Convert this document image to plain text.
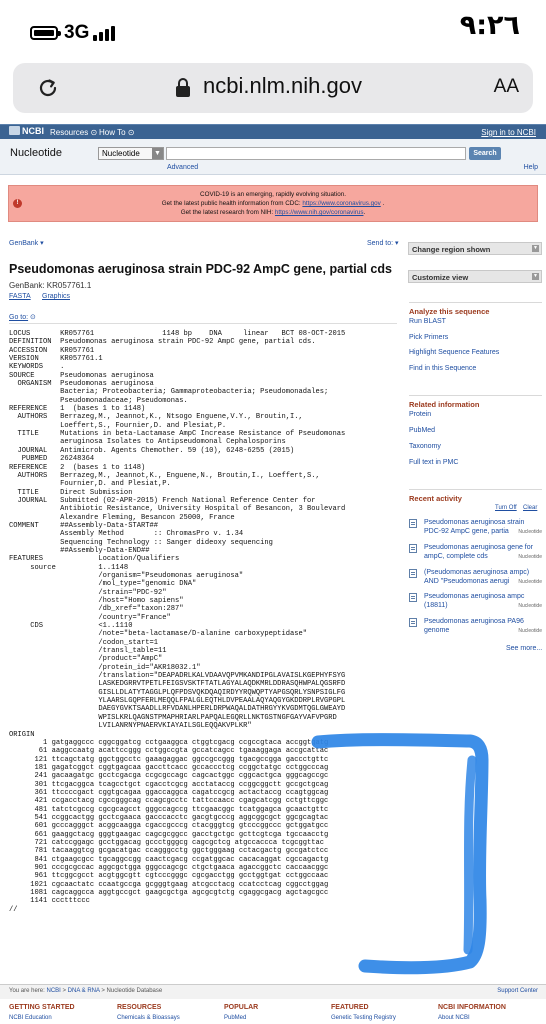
3G	٩:٢٦
ncbi.nlm.nih.gov	AA
NCBI Resources ⊙ How To ⊙	Sign in to NCBI
Nucleotide	Nucleotide ▼	Search
Advanced	Help
!
COVID-19 is an emerging, rapidly evolving situation.
Get the latest public health information from CDC: https://www.coronavirus.gov .
Get the latest research from NIH: https://www.nih.gov/coronavirus.
GenBank ▾	Send to: ▾
Pseudomonas aeruginosa strain PDC-92 AmpC gene, partial cds
GenBank: KR057761.1
FASTA Graphics
Go to: ⊙
LOCUS       KR057761                1148 bp    DNA     linear   BCT 08-OCT-2015
DEFINITION  Pseudomonas aeruginosa strain PDC-92 AmpC gene, partial cds.
ACCESSION   KR057761
VERSION     KR057761.1
KEYWORDS    .
SOURCE      Pseudomonas aeruginosa
ORGANISM  Pseudomonas aeruginosa
Bacteria; Proteobacteria; Gammaproteobacteria; Pseudomonadales;
Pseudomonadaceae; Pseudomonas.
REFERENCE   1  (bases 1 to 1148)
AUTHORS   Berrazeg,M., Jeannot,K., Ntsogo Enguene,V.Y., Broutin,I.,
Loeffert,S., Fournier,D. and Plesiat,P.
TITLE     Mutations in beta-Lactamase AmpC Increase Resistance of Pseudomonas
aeruginosa Isolates to Antipseudomonal Cephalosporins
JOURNAL   Antimicrob. Agents Chemother. 59 (10), 6248-6255 (2015)
PUBMED   26248364
REFERENCE   2  (bases 1 to 1148)
AUTHORS   Berrazeg,M., Jeannot,K., Enguene,N., Broutin,I., Loeffert,S.,
Fournier,D. and Plesiat,P.
TITLE     Direct Submission
JOURNAL   Submitted (02-APR-2015) French National Reference Center for
Antibiotic Resistance, University Hospital of Besancon, 3 Boulevard
Alexandre Fleming, Besancon 25000, France
COMMENT     ##Assembly-Data-START##
Assembly Method       :: ChromasPro v. 1.34
Sequencing Technology :: Sanger dideoxy sequencing
##Assembly-Data-END##
FEATURES             Location/Qualifiers
source          1..1148
/organism="Pseudomonas aeruginosa"
/mol_type="genomic DNA"
/strain="PDC-92"
/host="Homo sapiens"
/db_xref="taxon:287"
/country="France"
CDS             <1..1110
/note="beta-lactamase/D-alanine carboxypeptidase"
/codon_start=1
/transl_table=11
/product="AmpC"
/protein_id="AKR18032.1"
/translation="DEAPADRLKALVDAAVQPVMKANDIPGLAVAISLKGEPHYFSYG
LASKEDGRRVTPETLFEIGSVSKTFTATLAGYALAQDKMRLDDRASQHWPALQGSRFD
GISLLDLATYTAGGLPLQFPDSVQKDQAQIRDYYRQWQPTYAPGSQRLYSNPSIGLFG
YLAARSLGQPFERLMEQQLFPALGLEQTHLDVPEAALAQYAQGYGKDDRPLRVGPGPL
DAEGYGVKTSAADLLRFVDANLHPERLDRPWAQALDATHRGYYKVGDMTQGLGWEAYD
WPISLKRLQAGNSTPMAPHRIARLPAPQALEGQRLLNKTGSTNGFGAYVAFVPGRD
LVILANRNYPNAERVKIAYAILSGLEQQAKVPLKR"
ORIGIN
1 gatgaggccc cggcggatcg cctgaaggca ctggtcgacg ccgccgtaca accggtgatg
61 aaggccaatg acattccggg cctggccgta gccatcagcc tgaaaggaga accgcattac
121 ttcagctatg ggctggcctc gaaagaggac ggccgccggg tgacgccgga gaccctgttc
181 gagatcggct cggtgagcaa gaccttcacc gccaccctcg ccggctatgc cctggcccag
241 gacaagatgc gcctcgacga ccgcgccagc cagcactggc cggcactgca gggcagccgc
301 ttcgacggca tcagcctgct cgacctcgcg acctataccg ccggcggctt gccgctgcag
361 ttccccgact cggtgcagaa ggaccaggca cagatccgcg actactaccg ccagtggcag
421 ccgacctacg cgccgggcag ccagcgcctc tattccaacc cgagcatcgg cctgttcggc
481 tatctcgccg cgcgcagcct gggccagccg ttcgaacggc tcatggagca gcaactgttc
541 ccggcactgg gcctcgaaca gacccacctc gacgtgcccg aggcggcgct ggcgcagtac
601 gcccagggct acggcaagga cgaccgcccg ctacgggtcg gtcccggccc gctggatgcc
661 gaaggctacg gggtgaagac cagcgcggcc gacctgctgc gcttcgtcga tgccaacctg
721 catccggagc gcctggacag gccctgggcg cagcgctcg atgccaccca tcgcggttac
781 tacaaggtcg gcgacatgac ccagggcctg ggctgggaag cctacgactg gccgatctcc
841 ctgaagcgcc tgcaggccgg caactcgacg ccgatggcac cacacaggat cgccagactg
901 cccgcgccac aggcgctgga gggccagcgc ctgctgaaca agaccggctc caccaacggc
961 ttcggcgcct acgtggcgtt cgtcccgggc cgcgacctgg gcctggtgat cctggccaac
1021 cgcaactatc ccaatgccga gcgggtgaag atcgcctacg ccatcctcag cggcctggag
1081 cagcaggcca aggtgccgct gaagcgctga agcgcgtctg cgaggcgacg agctagcgcc
1141 ccctttccc
//
Change region shown	▼
Customize view	▼
Analyze this sequence
Run BLAST
Pick Primers
Highlight Sequence Features
Find in this Sequence
Related information
Protein
PubMed
Taxonomy
Full text in PMC
Recent activity
Turn Off Clear
Pseudomonas aeruginosa strain
PDC-92 AmpC gene, partia	Nucleotide
Pseudomonas aeruginosa gene for
ampC, complete cds	Nucleotide
(Pseudomonas aeruginosa ampc)
AND "Pseudomonas aerugi	Nucleotide
Pseudomonas aeruginosa ampc
(18811)	Nucleotide
Pseudomonas aeruginosa PA96
genome	Nucleotide
See more...
You are here: NCBI > DNA & RNA > Nucleotide Database	Support Center
GETTING STARTED
NCBI Education
RESOURCES
Chemicals & Bioassays
POPULAR
PubMed
FEATURED
Genetic Testing Registry
NCBI INFORMATION
About NCBI
